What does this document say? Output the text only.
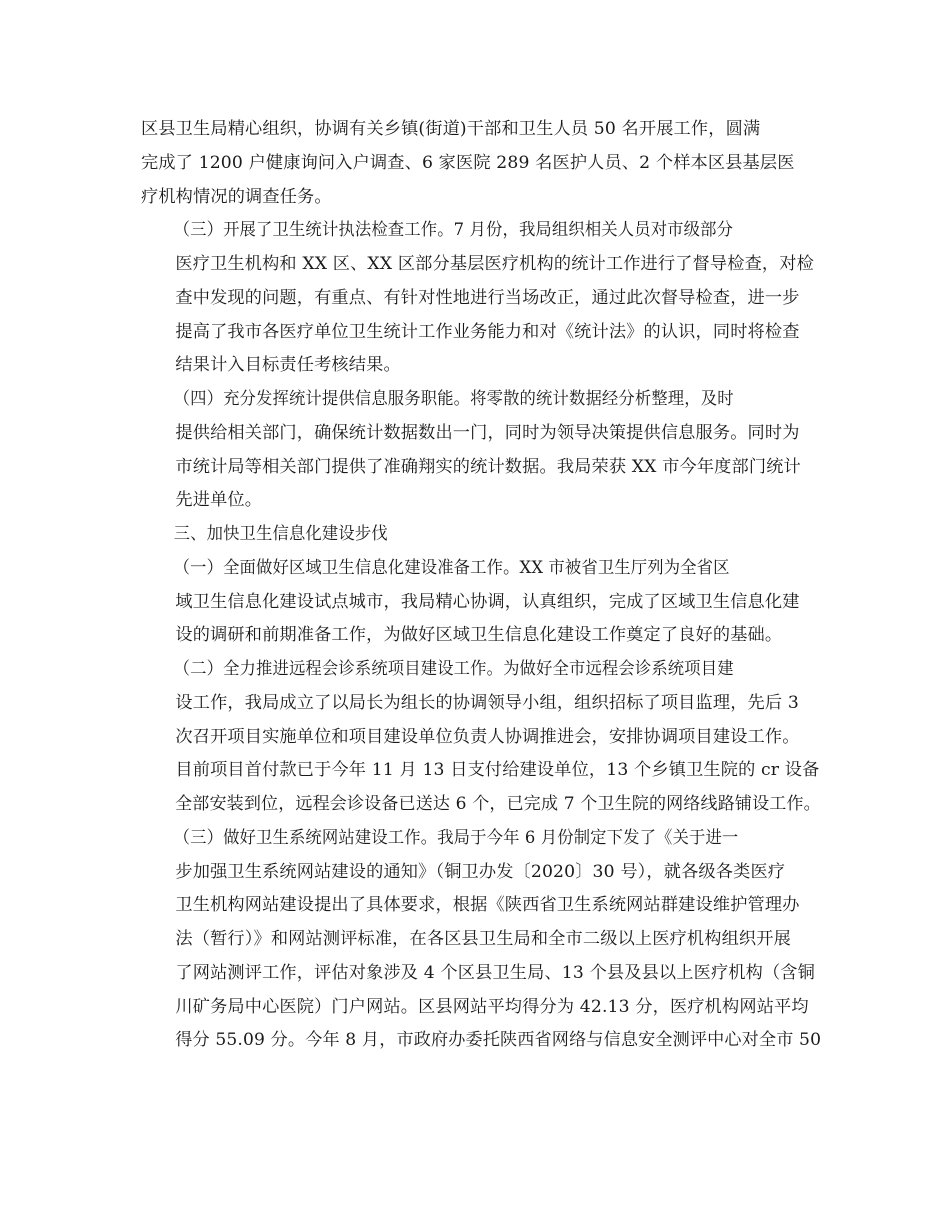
区县卫生局精心组织，协调有关乡镇(街道)干部和卫生人员 50 名开展工作，圆满
完成了 1200 户健康询问入户调查、6 家医院 289 名医护人员、2 个样本区县基层医
疗机构情况的调查任务。

（三）开展了卫生统计执法检查工作。7 月份，我局组织相关人员对市级部分
医疗卫生机构和 XX 区、XX 区部分基层医疗机构的统计工作进行了督导检查，对检
查中发现的问题，有重点、有针对性地进行当场改正，通过此次督导检查，进一步
提高了我市各医疗单位卫生统计工作业务能力和对《统计法》的认识，同时将检查
结果计入目标责任考核结果。

（四）充分发挥统计提供信息服务职能。将零散的统计数据经分析整理，及时
提供给相关部门，确保统计数据数出一门，同时为领导决策提供信息服务。同时为
市统计局等相关部门提供了准确翔实的统计数据。我局荣获 XX 市今年度部门统计
先进单位。

三、加快卫生信息化建设步伐

（一）全面做好区域卫生信息化建设准备工作。XX 市被省卫生厅列为全省区
域卫生信息化建设试点城市，我局精心协调，认真组织，完成了区域卫生信息化建
设的调研和前期准备工作，为做好区域卫生信息化建设工作奠定了良好的基础。

（二）全力推进远程会诊系统项目建设工作。为做好全市远程会诊系统项目建
设工作，我局成立了以局长为组长的协调领导小组，组织招标了项目监理，先后 3
次召开项目实施单位和项目建设单位负责人协调推进会，安排协调项目建设工作。
目前项目首付款已于今年 11 月 13 日支付给建设单位，13 个乡镇卫生院的 cr 设备
全部安装到位，远程会诊设备已送达 6 个，已完成 7 个卫生院的网络线路铺设工作。

（三）做好卫生系统网站建设工作。我局于今年 6 月份制定下发了《关于进一
步加强卫生系统网站建设的通知》（铜卫办发〔2020〕30 号），就各级各类医疗
卫生机构网站建设提出了具体要求，根据《陕西省卫生系统网站群建设维护管理办
法（暂行）》和网站测评标准，在各区县卫生局和全市二级以上医疗机构组织开展
了网站测评工作，评估对象涉及 4 个区县卫生局、13 个县及县以上医疗机构（含铜
川矿务局中心医院）门户网站。区县网站平均得分为 42.13 分，医疗机构网站平均
得分 55.09 分。今年 8 月，市政府办委托陕西省网络与信息安全测评中心对全市 50
